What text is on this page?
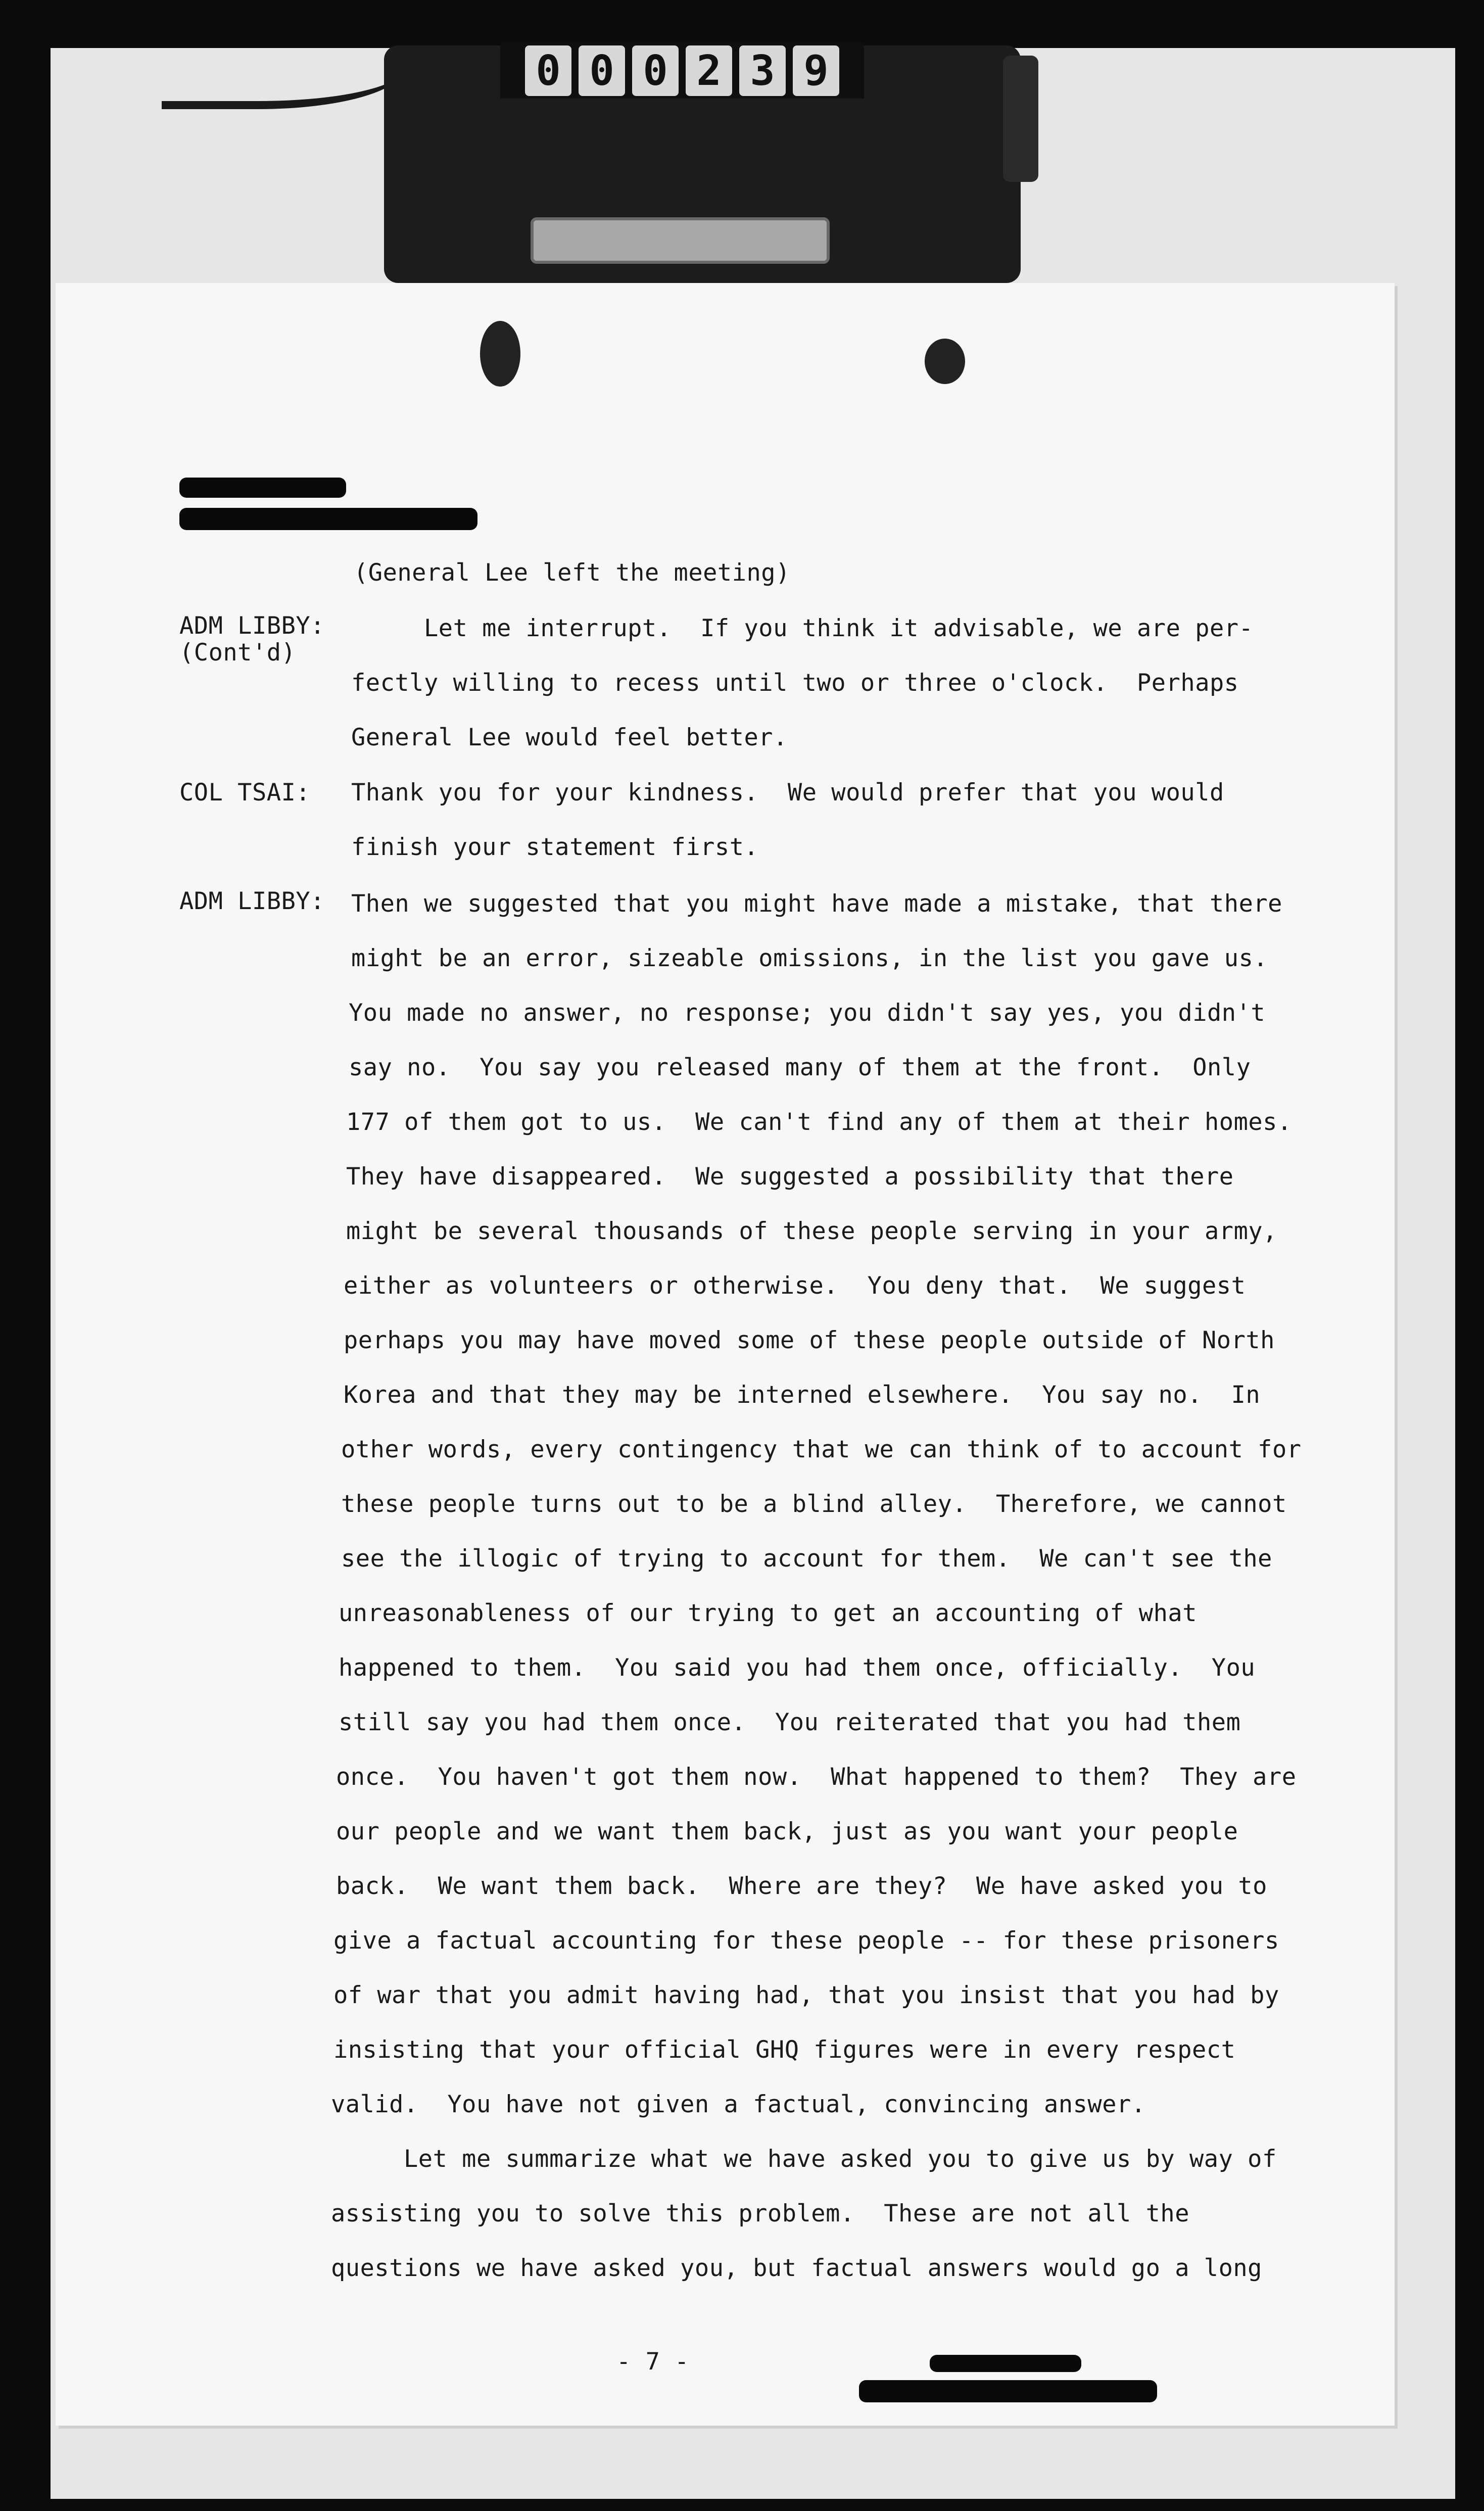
0 0 0 2 3 9
(General Lee left the meeting)
ADM LIBBY:
(Cont'd)
Let me interrupt.  If you think it advisable, we are per-
fectly willing to recess until two or three o'clock.  Perhaps
General Lee would feel better.
COL TSAI: Thank you for your kindness.  We would prefer that you would
finish your statement first.
ADM LIBBY: Then we suggested that you might have made a mistake, that there
might be an error, sizeable omissions, in the list you gave us.
You made no answer, no response; you didn't say yes, you didn't
say no.  You say you released many of them at the front.  Only
177 of them got to us.  We can't find any of them at their homes.
They have disappeared.  We suggested a possibility that there
might be several thousands of these people serving in your army,
either as volunteers or otherwise.  You deny that.  We suggest
perhaps you may have moved some of these people outside of North
Korea and that they may be interned elsewhere.  You say no.  In
other words, every contingency that we can think of to account for
these people turns out to be a blind alley.  Therefore, we cannot
see the illogic of trying to account for them.  We can't see the
unreasonableness of our trying to get an accounting of what
happened to them.  You said you had them once, officially.  You
still say you had them once.  You reiterated that you had them
once.  You haven't got them now.  What happened to them?  They are
our people and we want them back, just as you want your people
back.  We want them back.  Where are they?  We have asked you to
give a factual accounting for these people -- for these prisoners
of war that you admit having had, that you insist that you had by
insisting that your official GHQ figures were in every respect
valid.  You have not given a factual, convincing answer.
Let me summarize what we have asked you to give us by way of
assisting you to solve this problem.  These are not all the
questions we have asked you, but factual answers would go a long
- 7 -
